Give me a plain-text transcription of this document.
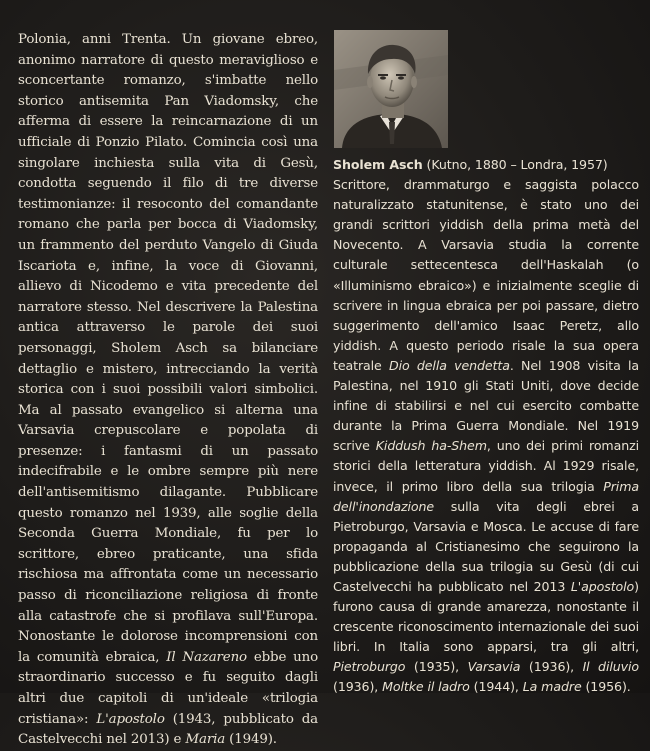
Polonia, anni Trenta. Un giovane ebreo, anonimo narratore di questo meraviglioso e sconcertante romanzo, s'imbatte nello storico antisemita Pan Viadomsky, che afferma di essere la reincarnazione di un ufficiale di Ponzio Pilato. Comincia così una singolare inchiesta sulla vita di Gesù, condotta seguendo il filo di tre diverse testimonianze: il resoconto del comandante romano che parla per bocca di Viadomsky, un frammento del perduto Vangelo di Giuda Iscariota e, infine, la voce di Giovanni, allievo di Nicodemo e vita precedente del narratore stesso. Nel descrivere la Palestina antica attraverso le parole dei suoi personaggi, Sholem Asch sa bilanciare dettaglio e mistero, intrecciando la verità storica con i suoi possibili valori simbolici. Ma al passato evangelico si alterna una Varsavia crepuscolare e popolata di presenze: i fantasmi di un passato indecifrabile e le ombre sempre più nere dell'antisemitismo dilagante. Pubblicare questo romanzo nel 1939, alle soglie della Seconda Guerra Mondiale, fu per lo scrittore, ebreo praticante, una sfida rischiosa ma affrontata come un necessario passo di riconciliazione religiosa di fronte alla catastrofe che si profilava sull'Europa. Nonostante le dolorose incomprensioni con la comunità ebraica, Il Nazareno ebbe uno straordinario successo e fu seguito dagli altri due capitoli di un'ideale «trilogia cristiana»: L'apostolo (1943, pubblicato da Castelvecchi nel 2013) e Maria (1949).

Sholem Asch (Kutno, 1880 – Londra, 1957)

Scrittore, drammaturgo e saggista polacco naturalizzato statunitense, è stato uno dei grandi scrittori yiddish della prima metà del Novecento. A Varsavia studia la corrente culturale settecentesca dell'Haskalah (o «Illuminismo ebraico») e inizialmente sceglie di scrivere in lingua ebraica per poi passare, dietro suggerimento dell'amico Isaac Peretz, allo yiddish. A questo periodo risale la sua opera teatrale Dio della vendetta. Nel 1908 visita la Palestina, nel 1910 gli Stati Uniti, dove decide infine di stabilirsi e nel cui esercito combatte durante la Prima Guerra Mondiale. Nel 1919 scrive Kiddush ha-Shem, uno dei primi romanzi storici della letteratura yiddish. Al 1929 risale, invece, il primo libro della sua trilogia Prima dell'inondazione sulla vita degli ebrei a Pietroburgo, Varsavia e Mosca. Le accuse di fare propaganda al Cristianesimo che seguirono la pubblicazione della sua trilogia su Gesù (di cui Castelvecchi ha pubblicato nel 2013 L'apostolo) furono causa di grande amarezza, nonostante il crescente riconoscimento internazionale dei suoi libri. In Italia sono apparsi, tra gli altri, Pietroburgo (1935), Varsavia (1936), Il diluvio (1936), Moltke il ladro (1944), La madre (1956).
